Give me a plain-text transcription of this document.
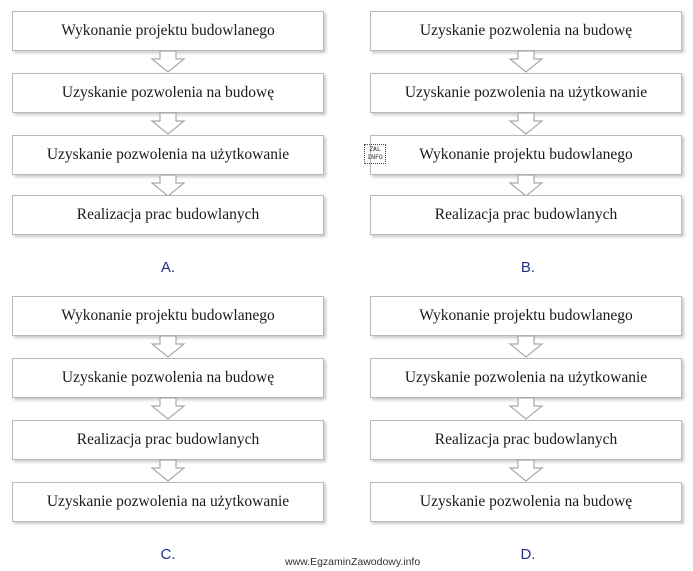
Wykonanie projektu budowlanego
Uzyskanie pozwolenia na budowę
Uzyskanie pozwolenia na użytkowanie
Realizacja prac budowlanych
A.
Uzyskanie pozwolenia na budowę
Uzyskanie pozwolenia na użytkowanie
Wykonanie projektu budowlanego
Realizacja prac budowlanych
B.
Wykonanie projektu budowlanego
Uzyskanie pozwolenia na budowę
Realizacja prac budowlanych
Uzyskanie pozwolenia na użytkowanie
C.
Wykonanie projektu budowlanego
Uzyskanie pozwolenia na użytkowanie
Realizacja prac budowlanych
Uzyskanie pozwolenia na budowę
D.
ZAL
INFO
www.EgzaminZawodowy.info
